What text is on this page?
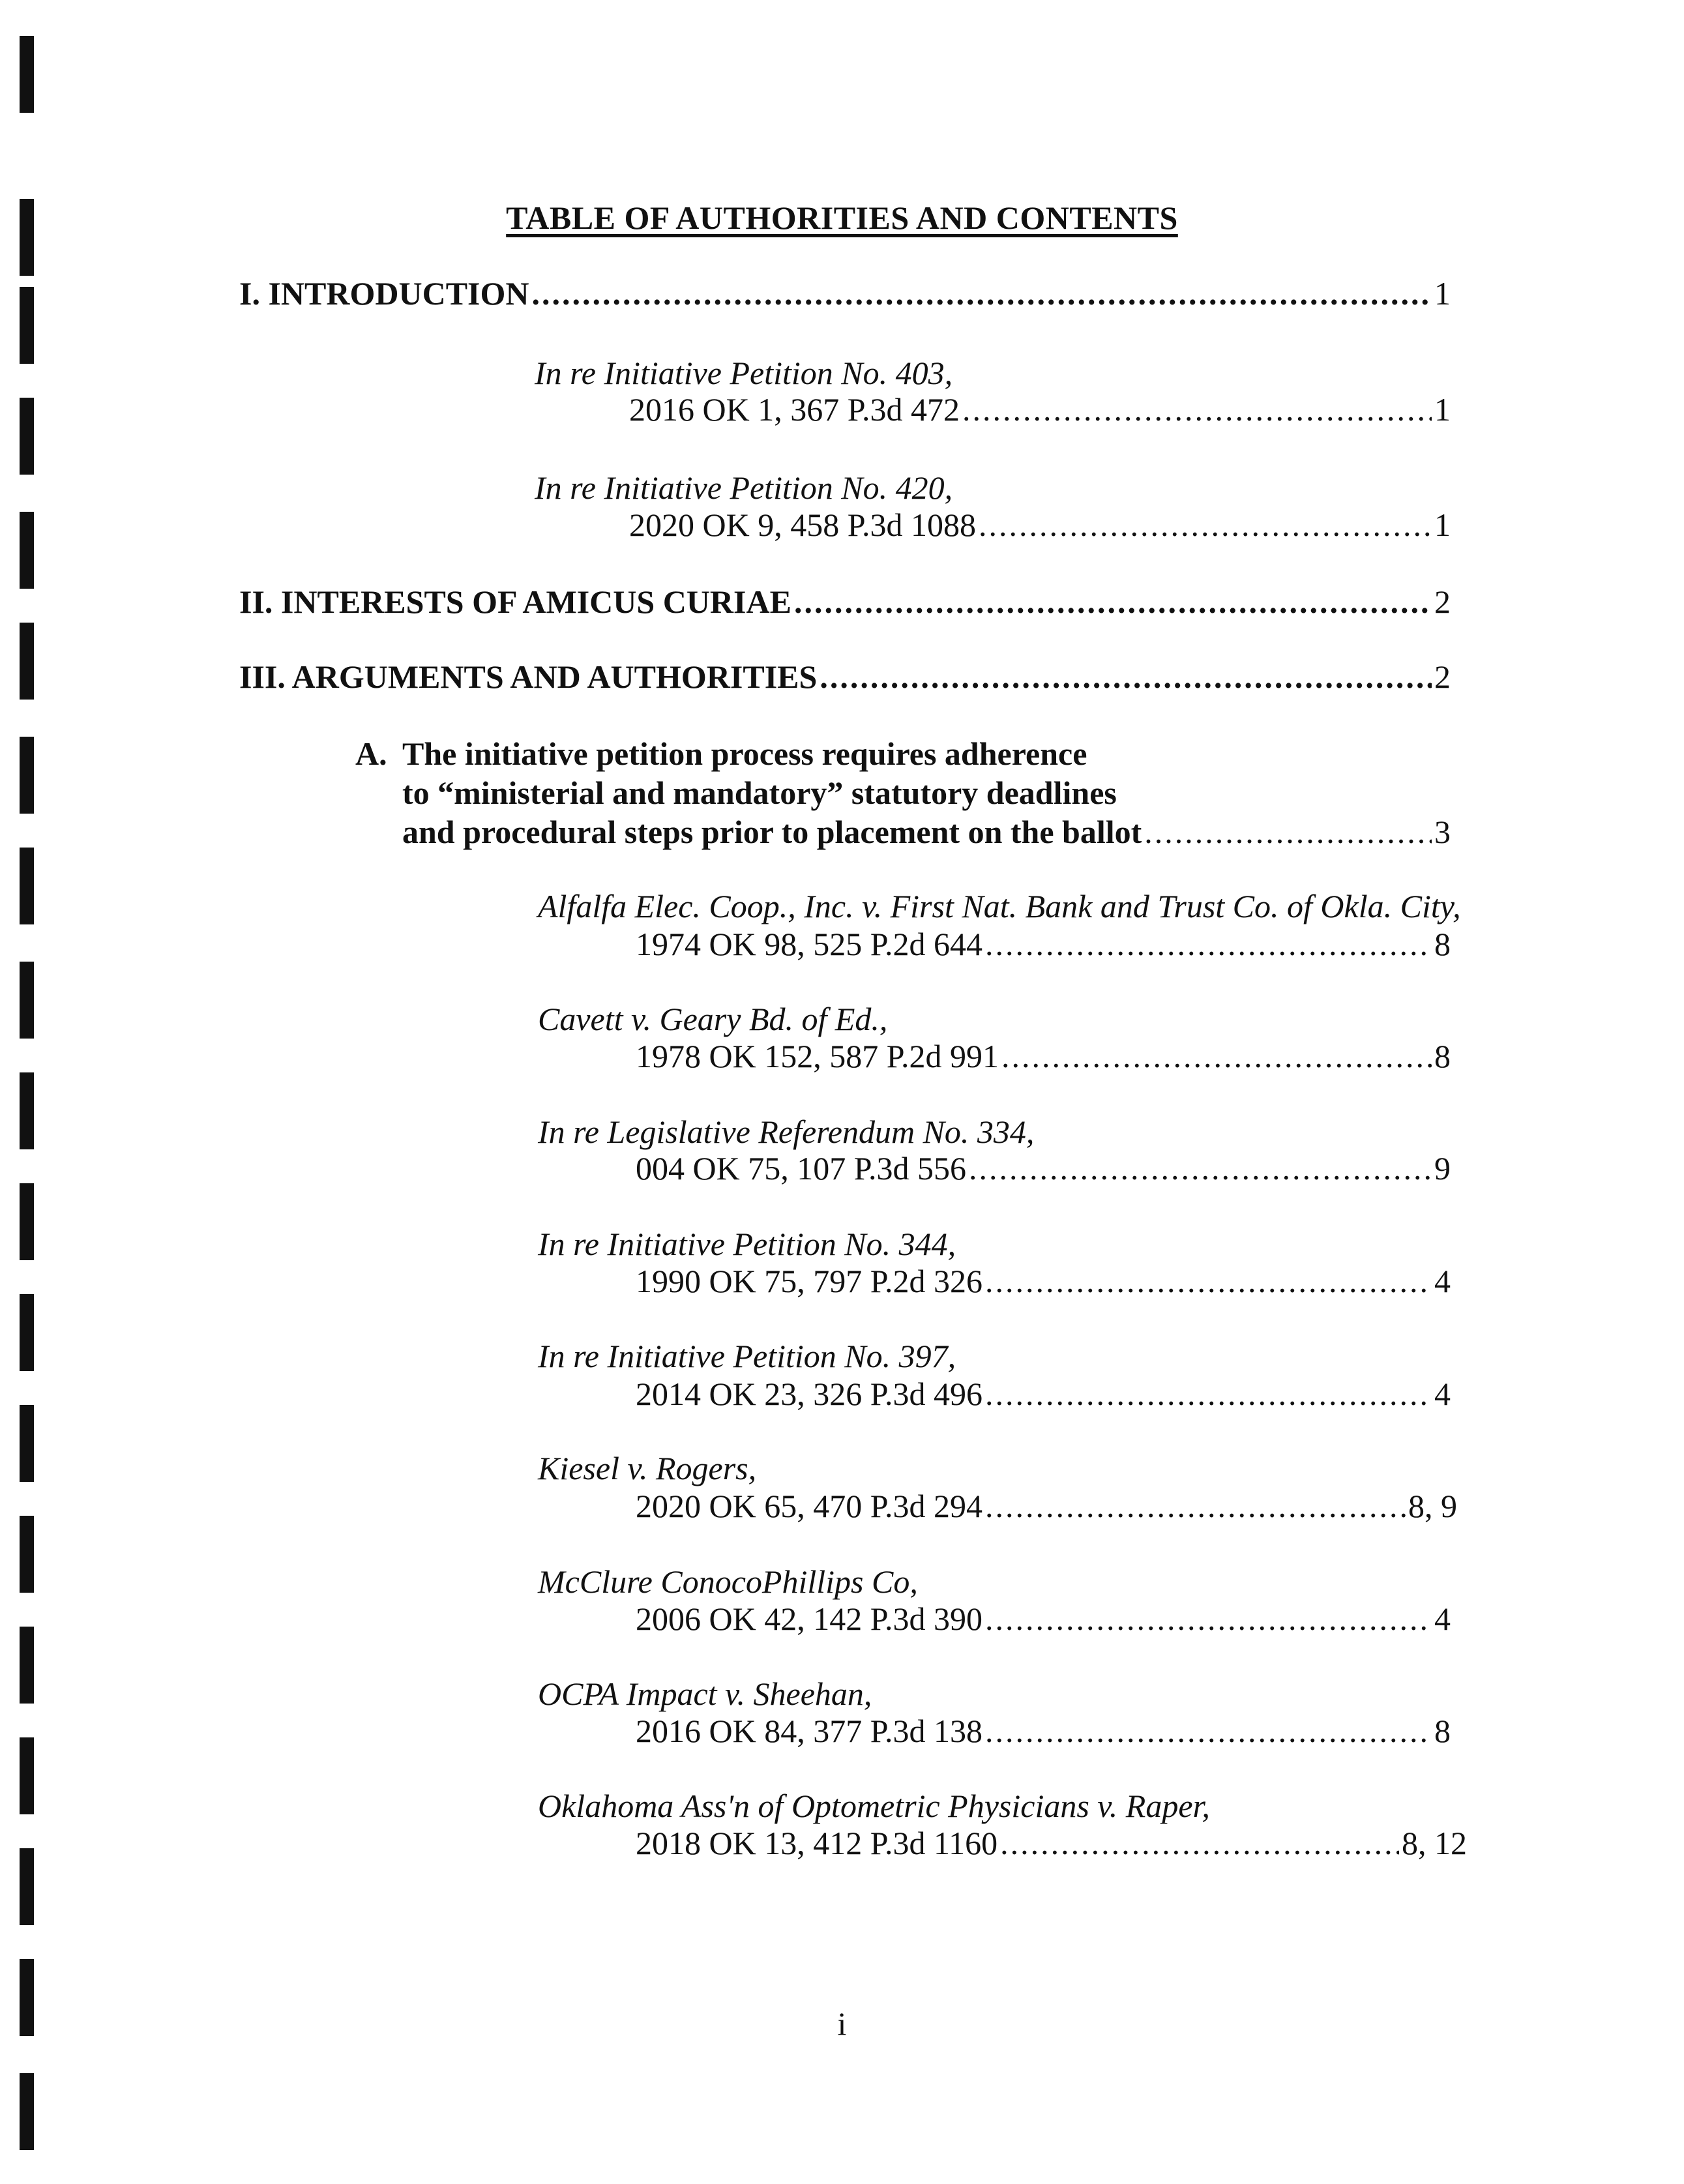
TABLE OF AUTHORITIES AND CONTENTS
I. INTRODUCTION .....	1
In re Initiative Petition No. 403,
2016 OK 1, 367 P.3d 472 .....	1
In re Initiative Petition No. 420,
2020 OK 9, 458 P.3d 1088 .....	1
II. INTERESTS OF AMICUS CURIAE .....	2
III. ARGUMENTS AND AUTHORITIES .....	2
A. The initiative petition process requires adherence
to “ministerial and mandatory” statutory deadlines
and procedural steps prior to placement on the ballot .....	3
Alfalfa Elec. Coop., Inc. v. First Nat. Bank and Trust Co. of Okla. City,
1974 OK 98, 525 P.2d 644 .....	8
Cavett v. Geary Bd. of Ed.,
1978 OK 152, 587 P.2d 991 .....	8
In re Legislative Referendum No. 334,
004 OK 75, 107 P.3d 556 .....	9
In re Initiative Petition No. 344,
1990 OK 75, 797 P.2d 326 .....	4
In re Initiative Petition No. 397,
2014 OK 23, 326 P.3d 496 .....	4
Kiesel v. Rogers,
2020 OK 65, 470 P.3d 294 .....	8, 9
McClure ConocoPhillips Co,
2006 OK 42, 142 P.3d 390 .....	4
OCPA Impact v. Sheehan,
2016 OK 84, 377 P.3d 138 .....	8
Oklahoma Ass'n of Optometric Physicians v. Raper,
2018 OK 13, 412 P.3d 1160 .....	8, 12
i
